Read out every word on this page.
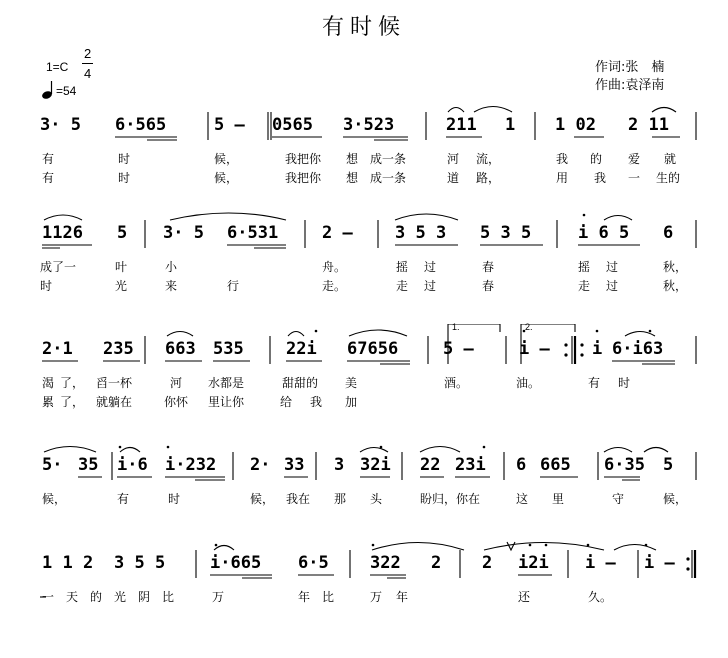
有时候
1=C
2
4
=54
作词:张　楠
作曲:袁泽南
3· 5 6·565	5 – 0565 3·523	211 1 1 02 2 11
有	时	候，	我把你 想 成一条	河 流，	我 的 爱 就
有	时	候，	我把你 想 成一条	道 路，	用 我 一 生的
1126 5 3· 5 6·531	2 – 3 5 3 5 3 5	i 6 5 6
成了一	叶	小	舟。	摇 过	春	摇 过	秋，
时	光	来	行	走。	走 过	春	走 过	秋，
1.	2.
2·1 235 663 535 22i 67656	5 –	i – i 6·i63
渴 了， 舀一杯	河 水都是	甜甜的 美	酒。	油。	有 时
累 了， 就躺在	你怀 里让你	给 我 加
5· 35 i·6 i·232 2· 33 3 32i 22 23i 6 665 6·35 5
候，	有	时	候， 我在 那 头	盼归， 你在	这 里	守	候，
1 1 2 3 5 5	i·665 6·5 322 2 2 i2i i – i –
一 天 的 光 阴 比	万	年 比	万 年	还	久。
